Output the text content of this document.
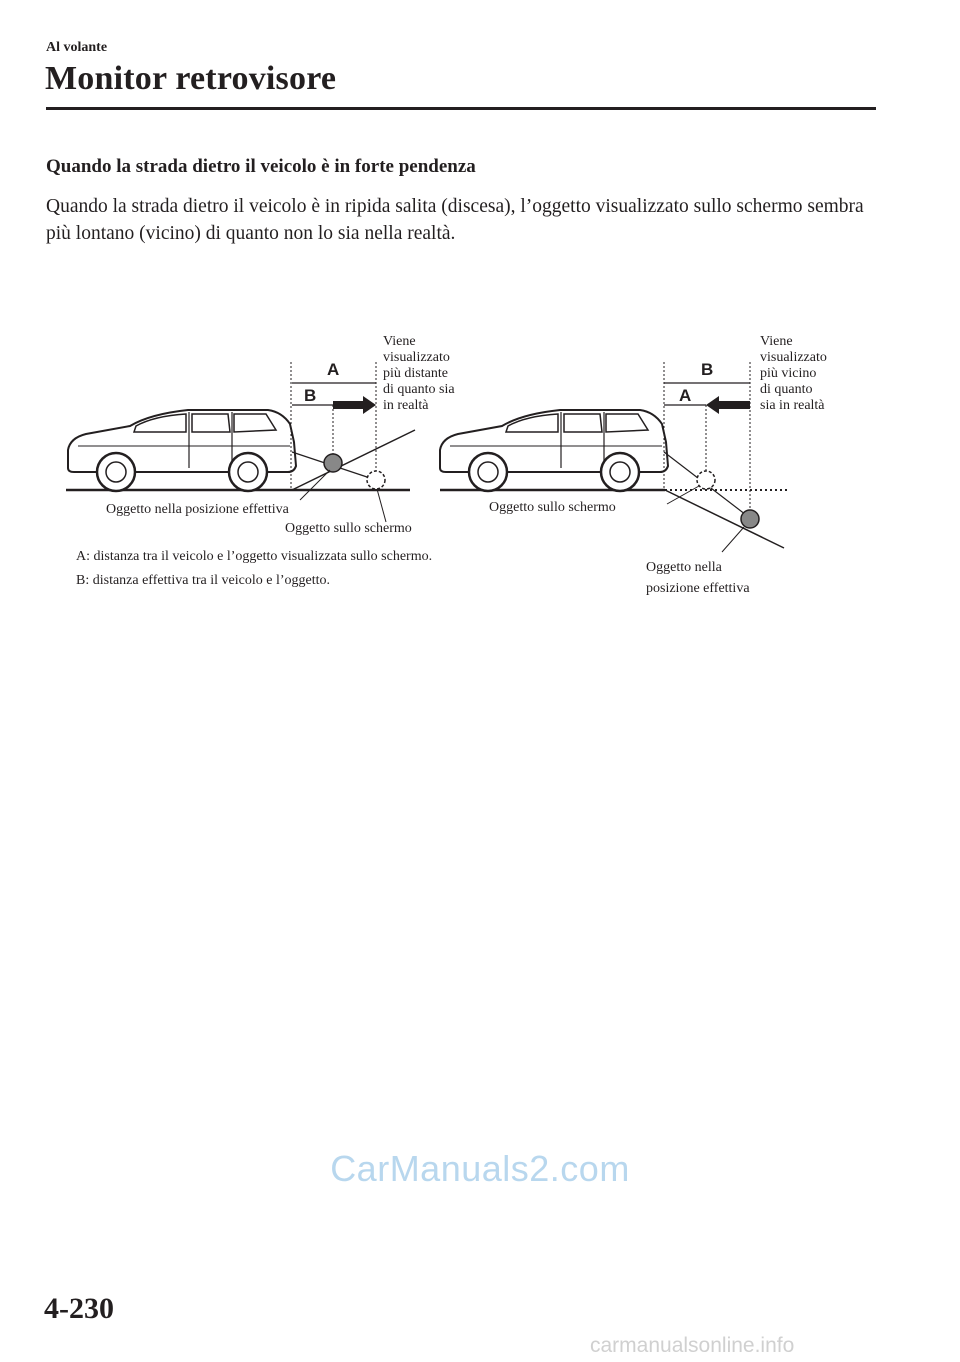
Al volante
Monitor retrovisore
Quando la strada dietro il veicolo è in forte pendenza
Quando la strada dietro il veicolo è in ripida salita (discesa), l’oggetto visualizzato sullo schermo sembra più lontano (vicino) di quanto non lo sia nella realtà.
A
B
B
A
Viene
visualizzato
più distante
di quanto sia
in realtà
Viene
visualizzato
più vicino
di quanto
sia in realtà
Oggetto nella posizione effettiva
Oggetto sullo schermo
Oggetto sullo schermo
Oggetto nella
posizione effettiva
A: distanza tra il veicolo e l’oggetto visualizzata sullo schermo.
B: distanza effettiva tra il veicolo e l’oggetto.
CarManuals2.com
4-230
carmanualsonline.info
